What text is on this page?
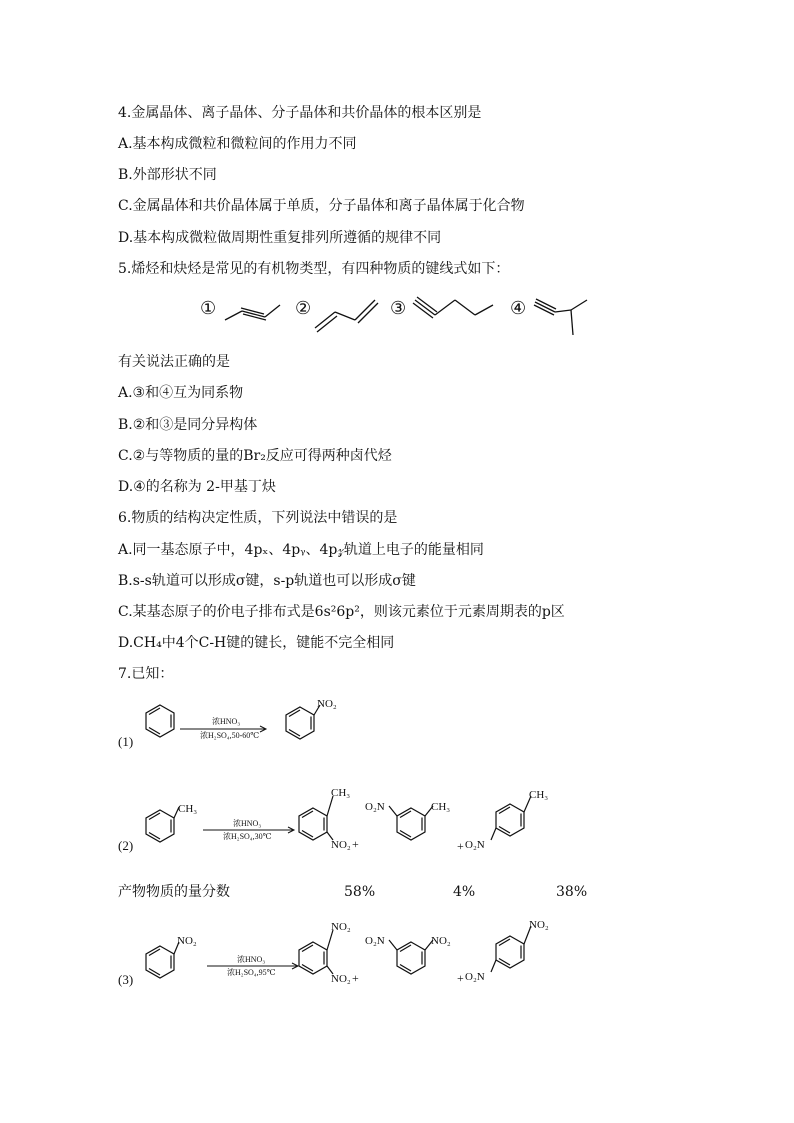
4.金属晶体、离子晶体、分子晶体和共价晶体的根本区别是
A.基本构成微粒和微粒间的作用力不同
B.外部形状不同
C.金属晶体和共价晶体属于单质，分子晶体和离子晶体属于化合物
D.基本构成微粒做周期性重复排列所遵循的规律不同
5.烯烃和炔烃是常见的有机物类型，有四种物质的键线式如下：
①	②	③	④
有关说法正确的是
A.③和④互为同系物
B.②和③是同分异构体
C.②与等物质的量的Br₂反应可得两种卤代烃
D.④的名称为 2-甲基丁炔
6.物质的结构决定性质，下列说法中错误的是
A.同一基态原子中，4pₓ、4pᵧ、4p𝓏轨道上电子的能量相同
B.s-s轨道可以形成σ键，s-p轨道也可以形成σ键
C.某基态原子的价电子排布式是6s²6p²，则该元素位于元素周期表的p区
D.CH₄中4个C-H键的键长，键能不完全相同
7.已知：
(1)
浓HNO₃
浓H₂SO₄,50-60℃
NO₂
(2)
CH₃
浓HNO₃
浓H₂SO₄,30℃
CH₃
NO₂ +
O₂N	CH₃
CH₃
+ O₂N
产物物质的量分数	58%	4%	38%
(3)
NO₂
浓HNO₃
浓H₂SO₄,95℃
NO₂
NO₂ +
O₂N	NO₂
NO₂
+ O₂N
